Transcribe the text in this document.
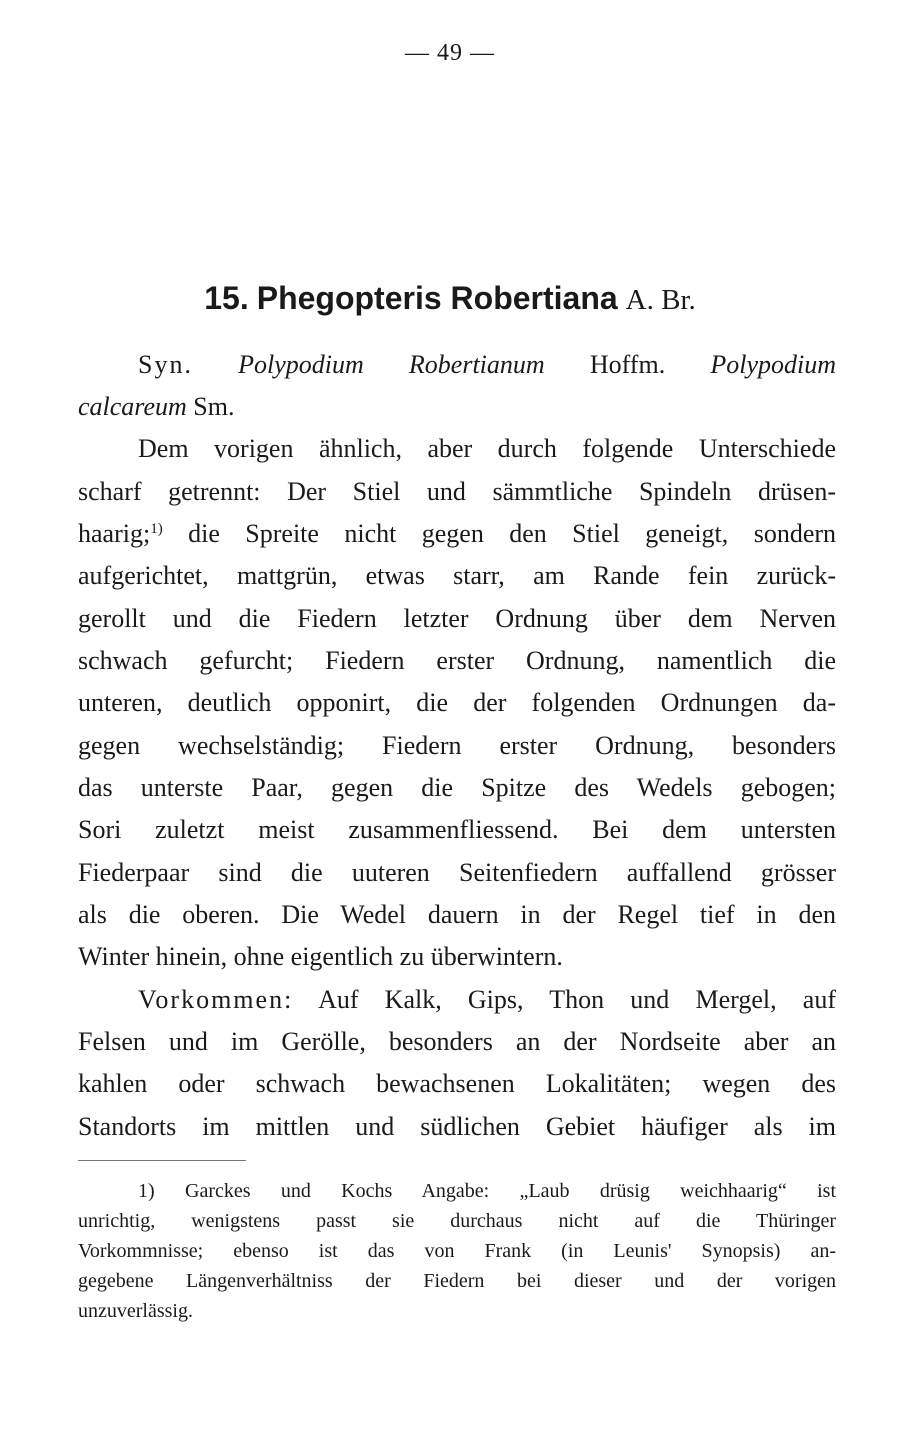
— 49 —
15. Phegopteris Robertiana A. Br.
Syn. Polypodium Robertianum Hoffm. Polypodium
calcareum Sm.
Dem vorigen ähnlich, aber durch folgende Unterschiede
scharf getrennt: Der Stiel und sämmtliche Spindeln drüsen-
haarig;$^{1)}$ die Spreite nicht gegen den Stiel geneigt, sondern
aufgerichtet, mattgrün, etwas starr, am Rande fein zurück-
gerollt und die Fiedern letzter Ordnung über dem Nerven
schwach gefurcht; Fiedern erster Ordnung, namentlich die
unteren, deutlich opponirt, die der folgenden Ordnungen da-
gegen wechselständig; Fiedern erster Ordnung, besonders
das unterste Paar, gegen die Spitze des Wedels gebogen;
Sori zuletzt meist zusammenfliessend. Bei dem untersten
Fiederpaar sind die uuteren Seitenfiedern auffallend grösser
als die oberen. Die Wedel dauern in der Regel tief in den
Winter hinein, ohne eigentlich zu überwintern.
Vorkommen: Auf Kalk, Gips, Thon und Mergel, auf
Felsen und im Gerölle, besonders an der Nordseite aber an
kahlen oder schwach bewachsenen Lokalitäten; wegen des
Standorts im mittlen und südlichen Gebiet häufiger als im
1) Garckes und Kochs Angabe: „Laub drüsig weichhaarig“ ist
unrichtig, wenigstens passt sie durchaus nicht auf die Thüringer
Vorkommnisse; ebenso ist das von Frank (in Leunis' Synopsis) an-
gegebene Längenverhältniss der Fiedern bei dieser und der vorigen
unzuverlässig.
